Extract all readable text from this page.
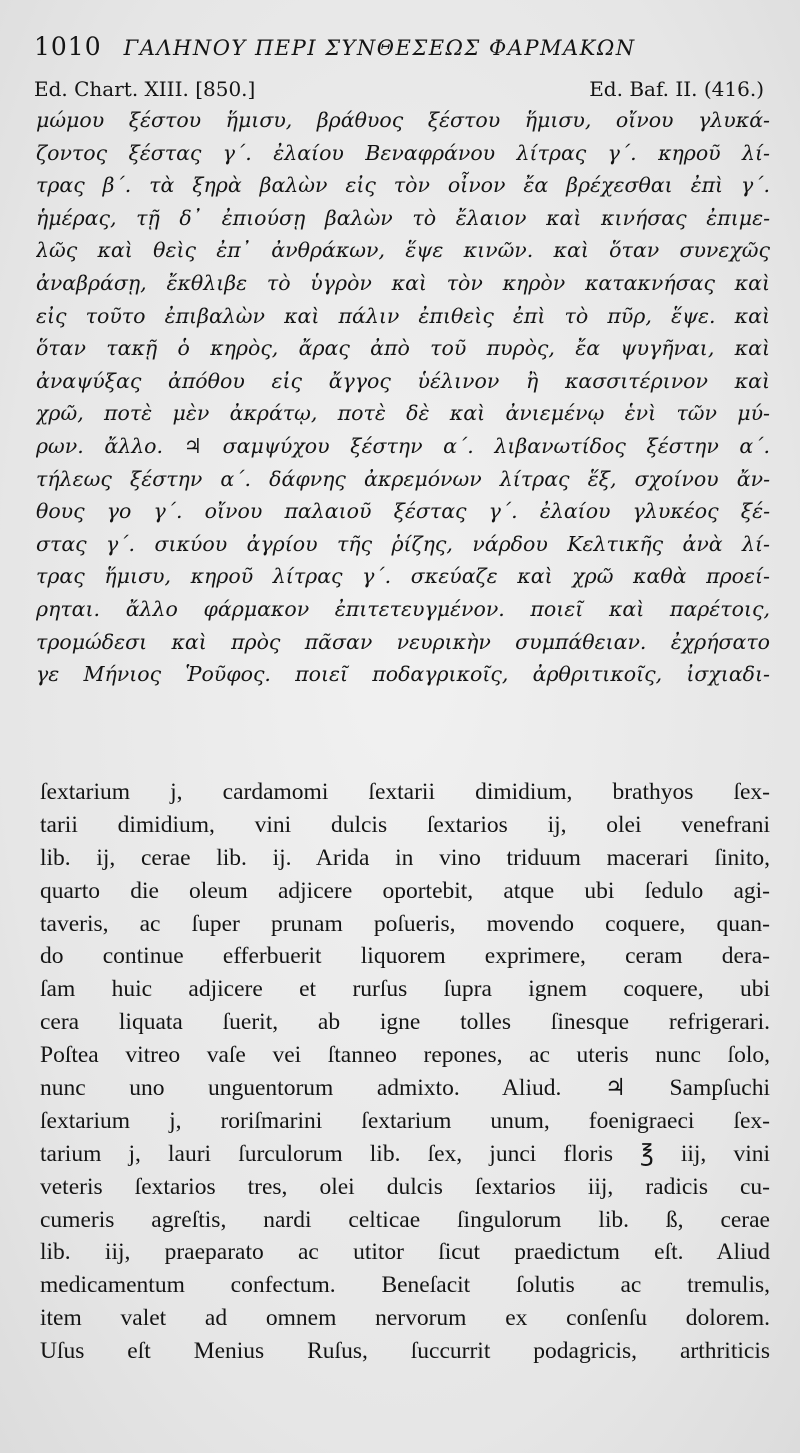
1010 ΓΑΛΗΝΟΥ ΠΕΡΙ ΣΥΝΘΕΣΕΩΣ ΦΑΡΜΑΚΩΝ
Ed. Chart. XIII. [850.]	Ed. Baf. II. (416.)
μώμου ξέστου ἥμισυ, βράθυος ξέστου ἥμισυ, οἴνου γλυκά-
ζοντος ξέστας γ΄. ἐλαίου Βεναφράνου λίτρας γ΄. κηροῦ λί-
τρας β΄. τὰ ξηρὰ βαλὼν εἰς τὸν οἶνον ἔα βρέχεσθαι ἐπὶ γ΄.
ἡμέρας, τῇ δ᾽ ἐπιούσῃ βαλὼν τὸ ἔλαιον καὶ κινήσας ἐπιμε-
λῶς καὶ θεὶς ἐπ᾽ ἀνθράκων, ἕψε κινῶν. καὶ ὅταν συνεχῶς
ἀναβράσῃ, ἔκθλιβε τὸ ὑγρὸν καὶ τὸν κηρὸν κατακνήσας καὶ
εἰς τοῦτο ἐπιβαλὼν καὶ πάλιν ἐπιθεὶς ἐπὶ τὸ πῦρ, ἕψε. καὶ
ὅταν τακῇ ὁ κηρὸς, ἄρας ἀπὸ τοῦ πυρὸς, ἔα ψυγῆναι, καὶ
ἀναψύξας ἀπόθου εἰς ἄγγος ὑέλινον ἢ κασσιτέρινον καὶ
χρῶ, ποτὲ μὲν ἀκράτῳ, ποτὲ δὲ καὶ ἀνιεμένῳ ἑνὶ τῶν μύ-
ρων. ἄλλο. ♃ σαμψύχου ξέστην α΄. λιβανωτίδος ξέστην α΄.
τήλεως ξέστην α΄. δάφνης ἀκρεμόνων λίτρας ἕξ, σχοίνου ἄν-
θους γο γ΄. οἴνου παλαιοῦ ξέστας γ΄. ἐλαίου γλυκέος ξέ-
στας γ΄. σικύου ἀγρίου τῆς ῥίζης, νάρδου Κελτικῆς ἀνὰ λί-
τρας ἥμισυ, κηροῦ λίτρας γ΄. σκεύαζε καὶ χρῶ καθὰ προεί-
ρηται. ἄλλο φάρμακον ἐπιτετευγμένον. ποιεῖ καὶ παρέτοις,
τρομώδεσι καὶ πρὸς πᾶσαν νευρικὴν συμπάθειαν. ἐχρήσατο
γε Μήνιος Ῥοῦφος. ποιεῖ ποδαγρικοῖς, ἀρθριτικοῖς, ἰσχιαδι-
ſextarium j, cardamomi ſextarii dimidium, brathyos ſex-
tarii dimidium, vini dulcis ſextarios ij, olei venefrani
lib. ij, cerae lib. ij. Arida in vino triduum macerari ſinito,
quarto die oleum adjicere oportebit, atque ubi ſedulo agi-
taveris, ac ſuper prunam poſueris, movendo coquere, quan-
do continue efferbuerit liquorem exprimere, ceram dera-
ſam huic adjicere et rurſus ſupra ignem coquere, ubi
cera liquata ſuerit, ab igne tolles ſinesque refrigerari.
Poſtea vitreo vaſe vei ſtanneo repones, ac uteris nunc ſolo,
nunc uno unguentorum admixto. Aliud. ♃ Sampſuchi
ſextarium j, roriſmarini ſextarium unum, foenigraeci ſex-
tarium j, lauri ſurculorum lib. ſex, junci floris ℥ iij, vini
veteris ſextarios tres, olei dulcis ſextarios iij, radicis cu-
cumeris agreſtis, nardi celticae ſingulorum lib. ß, cerae
lib. iij, praeparato ac utitor ſicut praedictum eſt. Aliud
medicamentum confectum. Beneſacit ſolutis ac tremulis,
item valet ad omnem nervorum ex conſenſu dolorem.
Uſus eſt Menius Ruſus, ſuccurrit podagricis, arthriticis
